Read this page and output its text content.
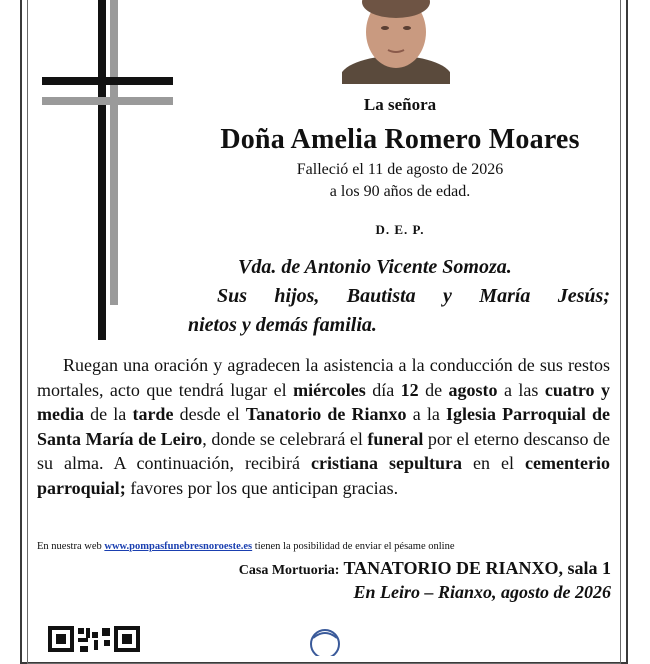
La señora
Doña Amelia Romero Moares
Falleció el 11 de agosto de 2026
a los 90 años de edad.
D. E. P.
Vda. de Antonio Vicente Somoza.
Sus hijos, Bautista y María Jesús;
nietos y demás familia.
Ruegan una oración y agradecen la asistencia a la conducción de sus restos mortales, acto que tendrá lugar el miércoles día 12 de agosto a las cuatro y media de la tarde desde el Tanatorio de Rianxo a la Iglesia Parroquial de Santa María de Leiro, donde se celebrará el funeral por el eterno descanso de su alma. A continuación, recibirá cristiana sepultura en el cementerio parroquial; favores por los que anticipan gracias.
En nuestra web www.pompasfunebresnoroeste.es tienen la posibilidad de enviar el pésame online
Casa Mortuoria: TANATORIO DE RIANXO, sala 1
En Leiro – Rianxo, agosto de 2026
